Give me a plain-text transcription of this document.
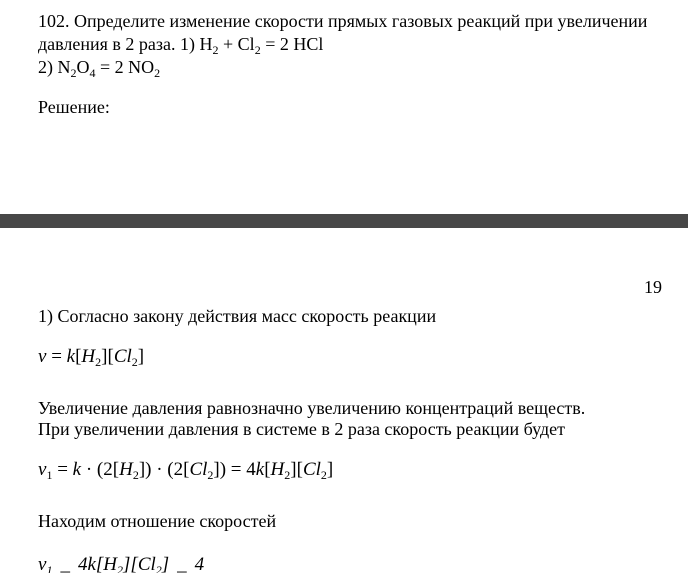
102. Определите изменение скорости прямых газовых реакций при увеличении
давления в 2 раза. 1) $H_2 + Cl_2 = 2$ HCl
2) $N_2O_4 = 2$ $NO_2$
Решение:
19
1) Согласно закону действия масс скорость реакции
$v = k[H_2][Cl_2]$
Увеличение давления равнозначно увеличению концентраций веществ.
При увеличении давления в системе в 2 раза скорость реакции будет
$v_1 = k \cdot (2[H_2]) \cdot (2[Cl_2]) = 4k[H_2][Cl_2]$
Находим отношение скоростей
$v_1$ _ $4k[H_2][Cl_2]$ _ 4
